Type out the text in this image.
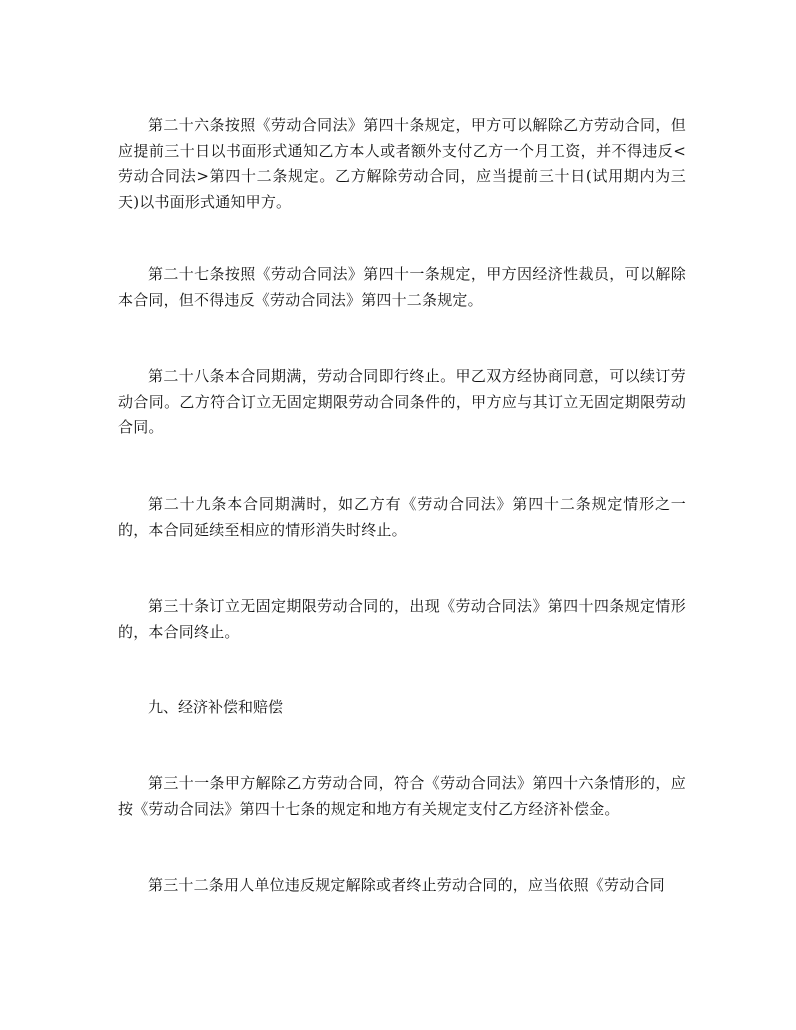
第二十六条按照《劳动合同法》第四十条规定，甲方可以解除乙方劳动合同，但应提前三十日以书面形式通知乙方本人或者额外支付乙方一个月工资，并不得违反<劳动合同法>第四十二条规定。乙方解除劳动合同，应当提前三十日(试用期内为三天)以书面形式通知甲方。

第二十七条按照《劳动合同法》第四十一条规定，甲方因经济性裁员，可以解除本合同，但不得违反《劳动合同法》第四十二条规定。

第二十八条本合同期满，劳动合同即行终止。甲乙双方经协商同意，可以续订劳动合同。乙方符合订立无固定期限劳动合同条件的，甲方应与其订立无固定期限劳动合同。

第二十九条本合同期满时，如乙方有《劳动合同法》第四十二条规定情形之一的，本合同延续至相应的情形消失时终止。

第三十条订立无固定期限劳动合同的，出现《劳动合同法》第四十四条规定情形的，本合同终止。

九、经济补偿和赔偿

第三十一条甲方解除乙方劳动合同，符合《劳动合同法》第四十六条情形的，应按《劳动合同法》第四十七条的规定和地方有关规定支付乙方经济补偿金。

第三十二条用人单位违反规定解除或者终止劳动合同的，应当依照《劳动合同
